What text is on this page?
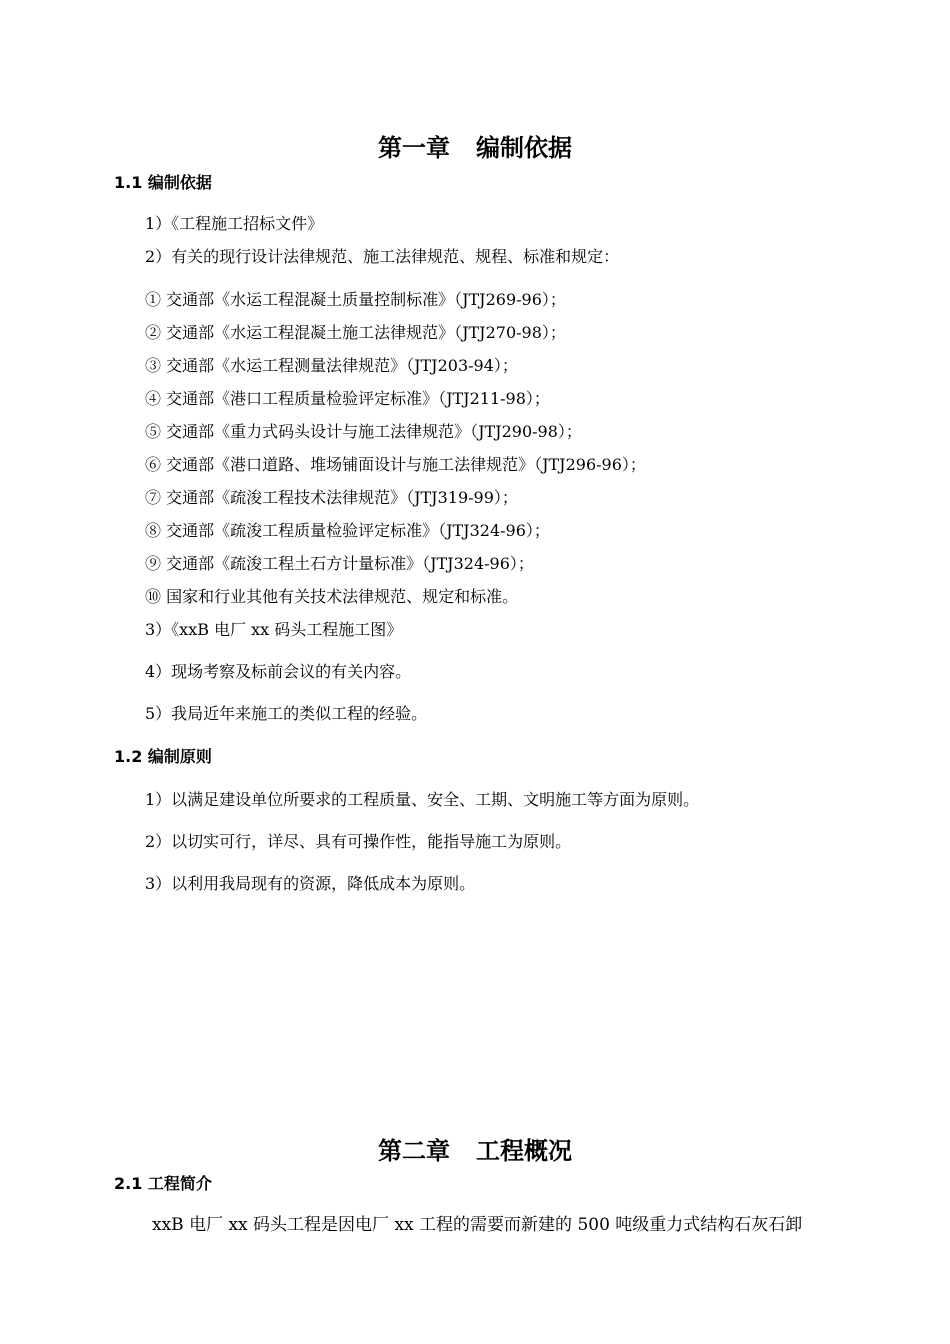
第一章 编制依据
1.1 编制依据

1）《工程施工招标文件》

2）有关的现行设计法律规范、施工法律规范、规程、标准和规定：

① 交通部《水运工程混凝土质量控制标准》（JTJ269-96）；

② 交通部《水运工程混凝土施工法律规范》（JTJ270-98）；

③ 交通部《水运工程测量法律规范》（JTJ203-94）；

④ 交通部《港口工程质量检验评定标准》（JTJ211-98）；

⑤ 交通部《重力式码头设计与施工法律规范》（JTJ290-98）；

⑥ 交通部《港口道路、堆场铺面设计与施工法律规范》（JTJ296-96）；

⑦ 交通部《疏浚工程技术法律规范》（JTJ319-99）；

⑧ 交通部《疏浚工程质量检验评定标准》（JTJ324-96）；

⑨ 交通部《疏浚工程土石方计量标准》（JTJ324-96）；

⑩ 国家和行业其他有关技术法律规范、规定和标准。

3）《xxB 电厂 xx 码头工程施工图》

4）现场考察及标前会议的有关内容。

5）我局近年来施工的类似工程的经验。

1.2 编制原则

1）以满足建设单位所要求的工程质量、安全、工期、文明施工等方面为原则。

2）以切实可行，详尽、具有可操作性，能指导施工为原则。

3）以利用我局现有的资源，降低成本为原则。

第二章 工程概况
2.1 工程简介

xxB 电厂 xx 码头工程是因电厂 xx 工程的需要而新建的 500 吨级重力式结构石灰石卸
